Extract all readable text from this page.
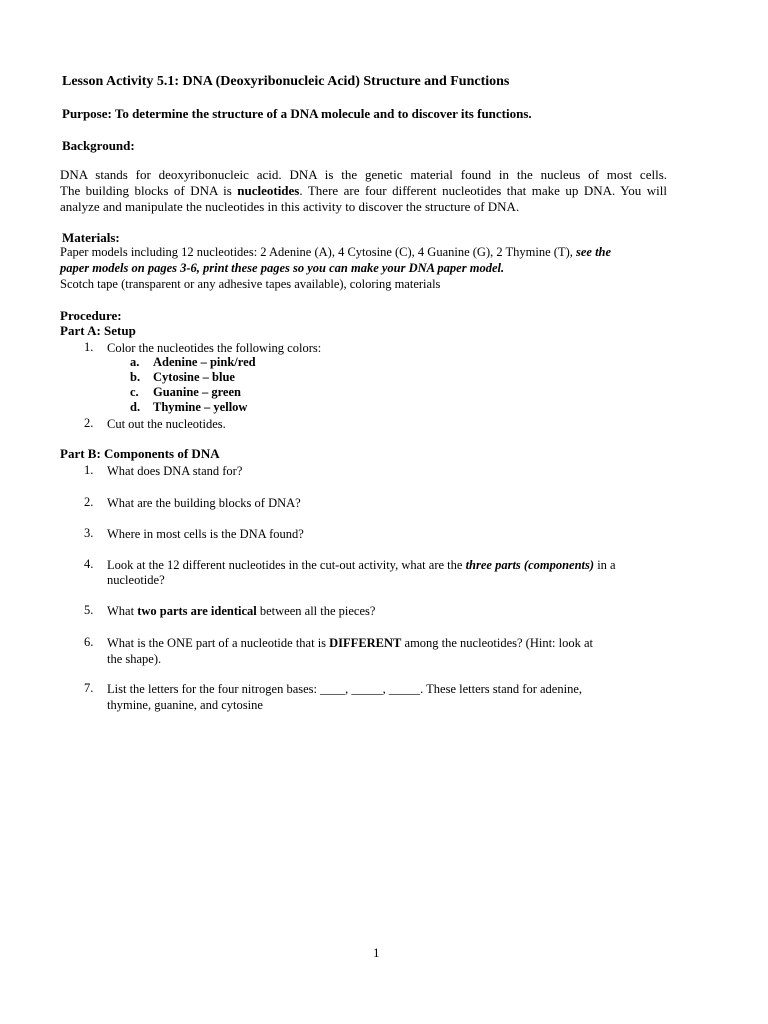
Lesson Activity 5.1: DNA (Deoxyribonucleic Acid) Structure and Functions
Purpose: To determine the structure of a DNA molecule and to discover its functions.
Background:
DNA stands for deoxyribonucleic acid. DNA is the genetic material found in the nucleus of most cells.
The building blocks of DNA is nucleotides. There are four different nucleotides that make up DNA. You will
analyze and manipulate the nucleotides in this activity to discover the structure of DNA.
Materials:
Paper models including 12 nucleotides: 2 Adenine (A), 4 Cytosine (C), 4 Guanine (G), 2 Thymine (T), see the
paper models on pages 3-6, print these pages so you can make your DNA paper model.
Scotch tape (transparent or any adhesive tapes available), coloring materials
Procedure:
Part A: Setup
1. Color the nucleotides the following colors:
a. Adenine – pink/red
b. Cytosine – blue
c. Guanine – green
d. Thymine – yellow
2. Cut out the nucleotides.
Part B: Components of DNA
1. What does DNA stand for?
2. What are the building blocks of DNA?
3. Where in most cells is the DNA found?
4. Look at the 12 different nucleotides in the cut-out activity, what are the three parts (components) in a
nucleotide?
5. What two parts are identical between all the pieces?
6. What is the ONE part of a nucleotide that is DIFFERENT among the nucleotides? (Hint: look at
the shape).
7. List the letters for the four nitrogen bases: ____, _____, _____. These letters stand for adenine,
thymine, guanine, and cytosine
1
